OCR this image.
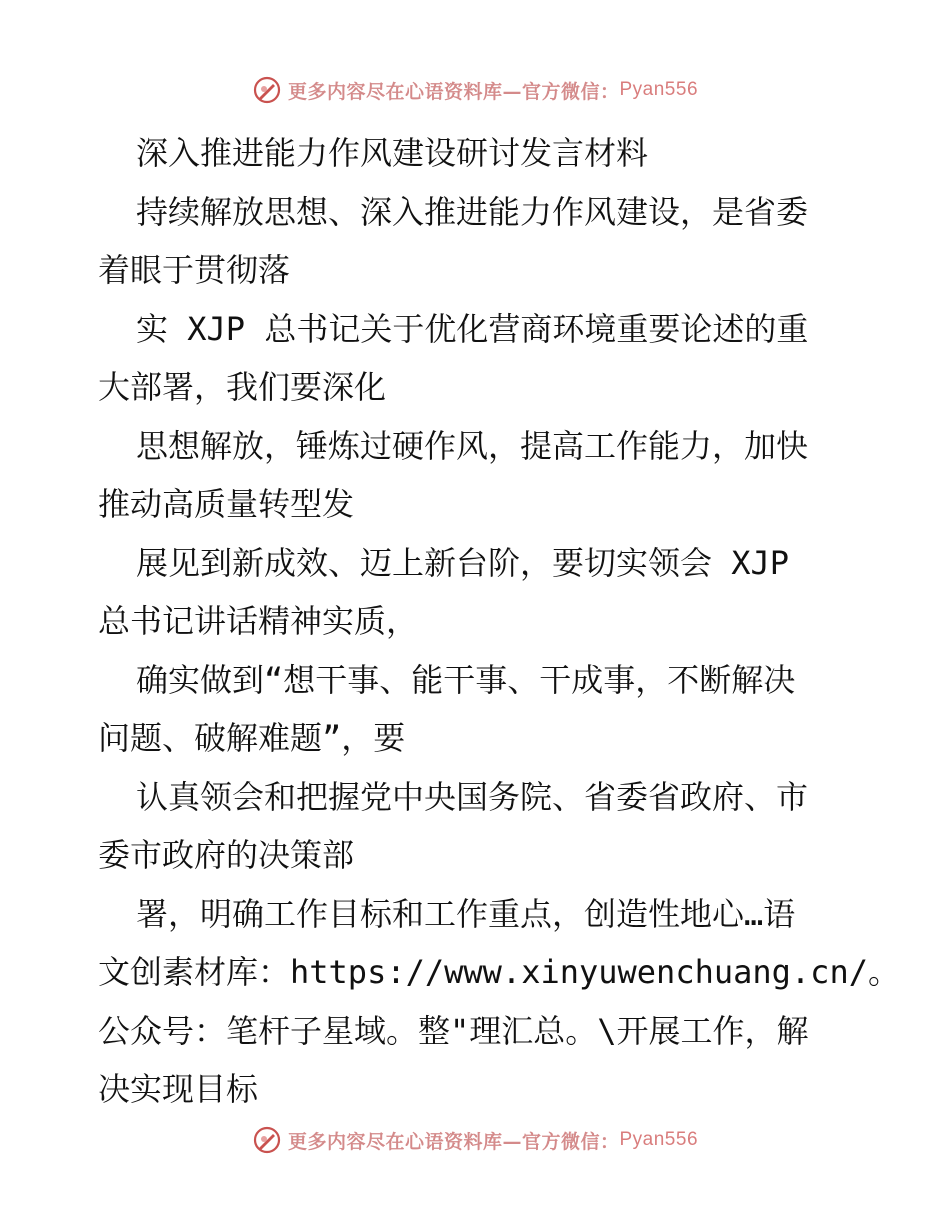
更多内容尽在心语资料库—官方微信： Pyan556
深入推进能力作风建设研讨发言材料
持续解放思想、深入推进能力作风建设，是省委
着眼于贯彻落
实 XJP 总书记关于优化营商环境重要论述的重
大部署，我们要深化
思想解放，锤炼过硬作风，提高工作能力，加快
推动高质量转型发
展见到新成效、迈上新台阶，要切实领会 XJP
总书记讲话精神实质，
确实做到“想干事、能干事、干成事，不断解决
问题、破解难题”，要
认真领会和把握党中央国务院、省委省政府、市
委市政府的决策部
署，明确工作目标和工作重点，创造性地心…语
文创素材库：https://www.xinyuwenchuang.cn/。
公众号：笔杆子星域。整"理汇总。\开展工作，解
决实现目标
更多内容尽在心语资料库—官方微信： Pyan556
